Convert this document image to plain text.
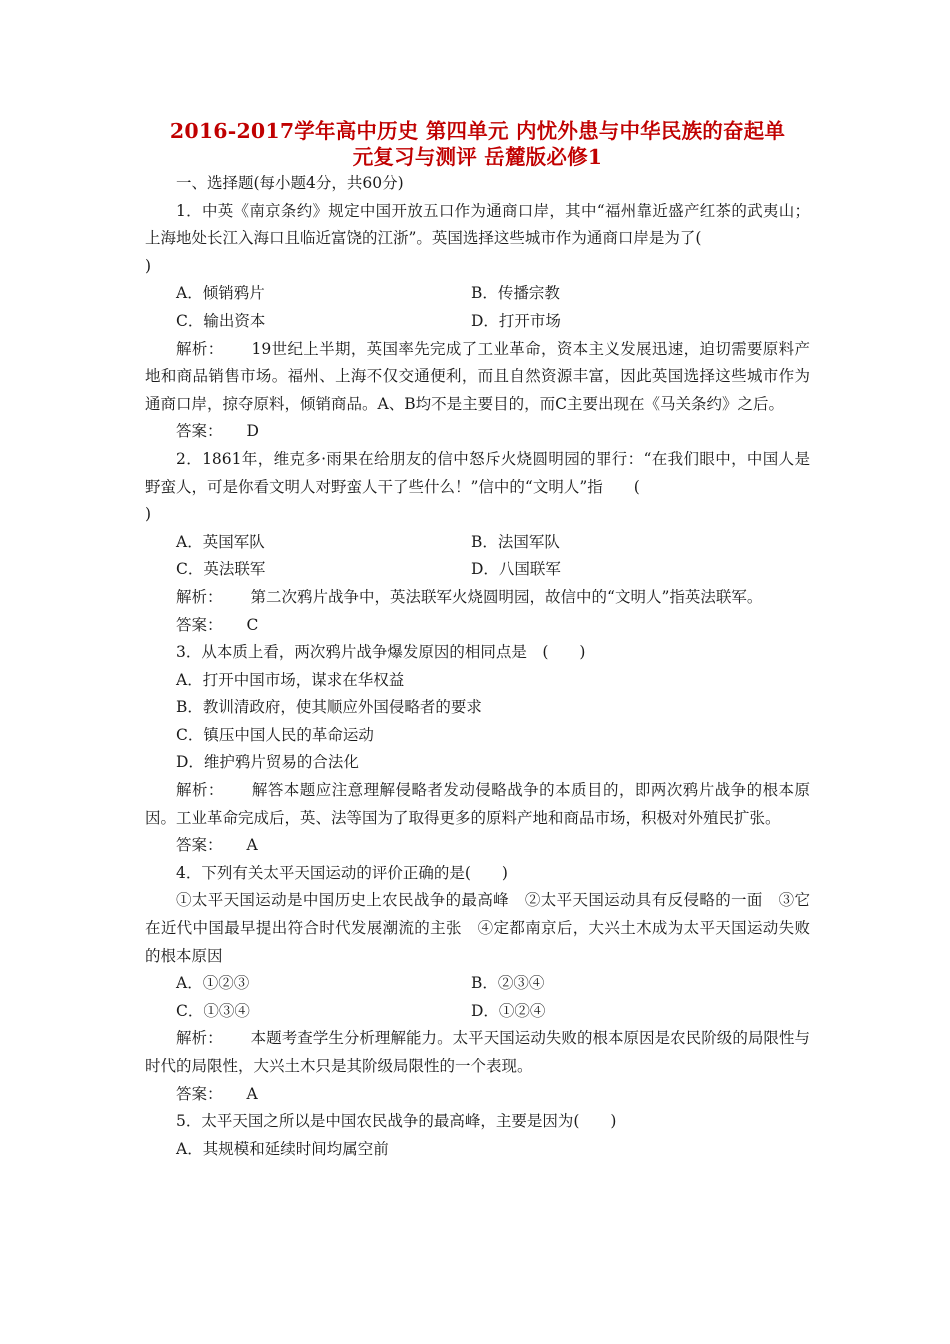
2016-2017学年高中历史 第四单元 内忧外患与中华民族的奋起单
元复习与测评 岳麓版必修1
一、选择题(每小题4分，共60分)

1．中英《南京条约》规定中国开放五口作为通商口岸，其中“福州靠近盛产红茶的武夷山；上海地处长江入海口且临近富饶的江浙”。英国选择这些城市作为通商口岸是为了(

)

A．倾销鸦片	B．传播宗教
C．输出资本	D．打开市场

解析： 19世纪上半期，英国率先完成了工业革命，资本主义发展迅速，迫切需要原料产地和商品销售市场。福州、上海不仅交通便利，而且自然资源丰富，因此英国选择这些城市作为通商口岸，掠夺原料，倾销商品。A、B均不是主要目的，而C主要出现在《马关条约》之后。

答案： D

2．1861年，维克多·雨果在给朋友的信中怒斥火烧圆明园的罪行：“在我们眼中，中国人是野蛮人，可是你看文明人对野蛮人干了些什么！”信中的“文明人”指　　(

)

A．英国军队	B．法国军队
C．英法联军	D．八国联军

解析： 第二次鸦片战争中，英法联军火烧圆明园，故信中的“文明人”指英法联军。

答案： C

3．从本质上看，两次鸦片战争爆发原因的相同点是　(　　)

A．打开中国市场，谋求在华权益

B．教训清政府，使其顺应外国侵略者的要求

C．镇压中国人民的革命运动

D．维护鸦片贸易的合法化

解析： 解答本题应注意理解侵略者发动侵略战争的本质目的，即两次鸦片战争的根本原因。工业革命完成后，英、法等国为了取得更多的原料产地和商品市场，积极对外殖民扩张。

答案： A

4．下列有关太平天国运动的评价正确的是(　　)

①太平天国运动是中国历史上农民战争的最高峰　②太平天国运动具有反侵略的一面　③它在近代中国最早提出符合时代发展潮流的主张　④定都南京后，大兴土木成为太平天国运动失败的根本原因

A．①②③	B．②③④
C．①③④	D．①②④

解析： 本题考查学生分析理解能力。太平天国运动失败的根本原因是农民阶级的局限性与时代的局限性，大兴土木只是其阶级局限性的一个表现。

答案： A

5．太平天国之所以是中国农民战争的最高峰，主要是因为(　　)

A．其规模和延续时间均属空前
